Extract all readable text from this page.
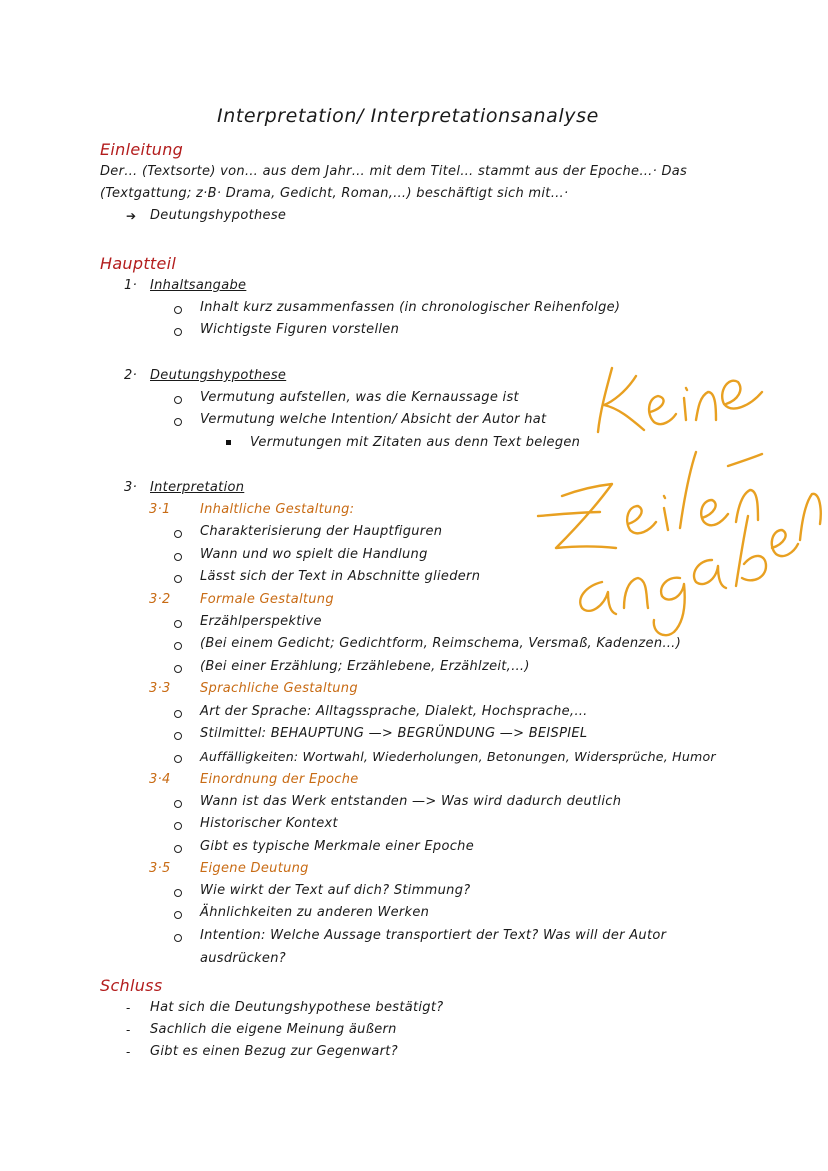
Interpretation/ Interpretationsanalyse
Einleitung
Der… (Textsorte) von… aus dem Jahr… mit dem Titel… stammt aus der Epoche…· Das
(Textgattung; z·B· Drama, Gedicht, Roman,…) beschäftigt sich mit…·
➔ Deutungshypothese
Hauptteil
1· Inhaltsangabe
Inhalt kurz zusammenfassen (in chronologischer Reihenfolge)
Wichtigste Figuren vorstellen
2· Deutungshypothese
Vermutung aufstellen, was die Kernaussage ist
Vermutung welche Intention/ Absicht der Autor hat
Vermutungen mit Zitaten aus denn Text belegen
3· Interpretation
3·1 Inhaltliche Gestaltung:
Charakterisierung der Hauptfiguren
Wann und wo spielt die Handlung
Lässt sich der Text in Abschnitte gliedern
3·2 Formale Gestaltung
Erzählperspektive
(Bei einem Gedicht; Gedichtform, Reimschema, Versmaß, Kadenzen…)
(Bei einer Erzählung; Erzählebene, Erzählzeit,…)
3·3 Sprachliche Gestaltung
Art der Sprache: Alltagssprache, Dialekt, Hochsprache,…
Stilmittel: BEHAUPTUNG —> BEGRÜNDUNG —> BEISPIEL
Auffälligkeiten: Wortwahl, Wiederholungen, Betonungen, Widersprüche, Humor
3·4 Einordnung der Epoche
Wann ist das Werk entstanden —> Was wird dadurch deutlich
Historischer Kontext
Gibt es typische Merkmale einer Epoche
3·5 Eigene Deutung
Wie wirkt der Text auf dich? Stimmung?
Ähnlichkeiten zu anderen Werken
Intention: Welche Aussage transportiert der Text? Was will der Autor
ausdrücken?
Schluss
- Hat sich die Deutungshypothese bestätigt?
- Sachlich die eigene Meinung äußern
- Gibt es einen Bezug zur Gegenwart?
